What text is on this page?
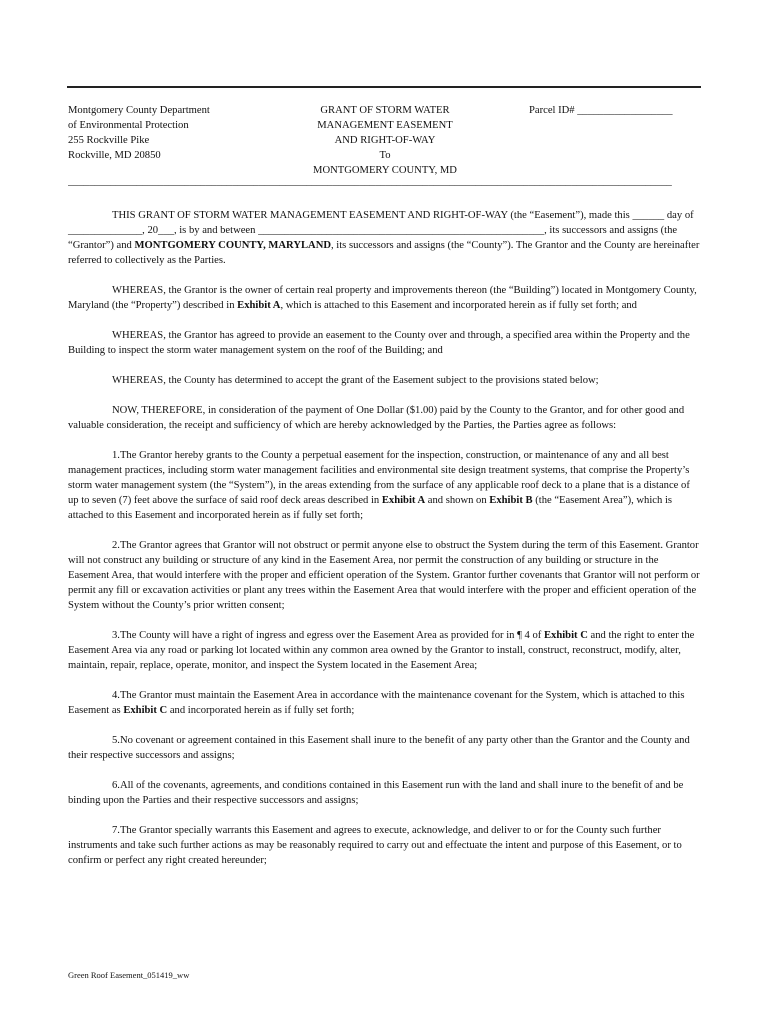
Montgomery County Department
of Environmental Protection
255 Rockville Pike
Rockville, MD 20850
GRANT OF STORM WATER
MANAGEMENT EASEMENT
AND RIGHT-OF-WAY
To
MONTGOMERY COUNTY, MD
Parcel ID# __________________
__________________________________________________________________________________________________________________

THIS GRANT OF STORM WATER MANAGEMENT EASEMENT AND RIGHT-OF-WAY (the “Easement”), made this ______ day of ______________, 20___, is by and between ______________________________________________________, its successors and assigns (the “Grantor”) and MONTGOMERY COUNTY, MARYLAND, its successors and assigns (the “County”). The Grantor and the County are hereinafter referred to collectively as the Parties.

WHEREAS, the Grantor is the owner of certain real property and improvements thereon (the “Building”) located in Montgomery County, Maryland (the “Property”) described in Exhibit A, which is attached to this Easement and incorporated herein as if fully set forth; and

WHEREAS, the Grantor has agreed to provide an easement to the County over and through, a specified area within the Property and the Building to inspect the storm water management system on the roof of the Building; and

WHEREAS, the County has determined to accept the grant of the Easement subject to the provisions stated below;

NOW, THEREFORE, in consideration of the payment of One Dollar ($1.00) paid by the County to the Grantor, and for other good and valuable consideration, the receipt and sufficiency of which are hereby acknowledged by the Parties, the Parties agree as follows:

1.The Grantor hereby grants to the County a perpetual easement for the inspection, construction, or maintenance of any and all best management practices, including storm water management facilities and environmental site design treatment systems, that comprise the Property’s storm water management system (the “System”), in the areas extending from the surface of any applicable roof deck to a plane that is a distance of up to seven (7) feet above the surface of said roof deck areas described in Exhibit A and shown on Exhibit B (the “Easement Area”), which is attached to this Easement and incorporated herein as if fully set forth;

2.The Grantor agrees that Grantor will not obstruct or permit anyone else to obstruct the System during the term of this Easement. Grantor will not construct any building or structure of any kind in the Easement Area, nor permit the construction of any building or structure in the Easement Area, that would interfere with the proper and efficient operation of the System. Grantor further covenants that Grantor will not perform or permit any fill or excavation activities or plant any trees within the Easement Area that would interfere with the proper and efficient operation of the System without the County’s prior written consent;

3.The County will have a right of ingress and egress over the Easement Area as provided for in ¶ 4 of Exhibit C and the right to enter the Easement Area via any road or parking lot located within any common area owned by the Grantor to install, construct, reconstruct, modify, alter, maintain, repair, replace, operate, monitor, and inspect the System located in the Easement Area;

4.The Grantor must maintain the Easement Area in accordance with the maintenance covenant for the System, which is attached to this Easement as Exhibit C and incorporated herein as if fully set forth;

5.No covenant or agreement contained in this Easement shall inure to the benefit of any party other than the Grantor and the County and their respective successors and assigns;

6.All of the covenants, agreements, and conditions contained in this Easement run with the land and shall inure to the benefit of and be binding upon the Parties and their respective successors and assigns;

7.The Grantor specially warrants this Easement and agrees to execute, acknowledge, and deliver to or for the County such further instruments and take such further actions as may be reasonably required to carry out and effectuate the intent and purpose of this Easement, or to confirm or perfect any right created hereunder;

Green Roof Easement_051419_ww
